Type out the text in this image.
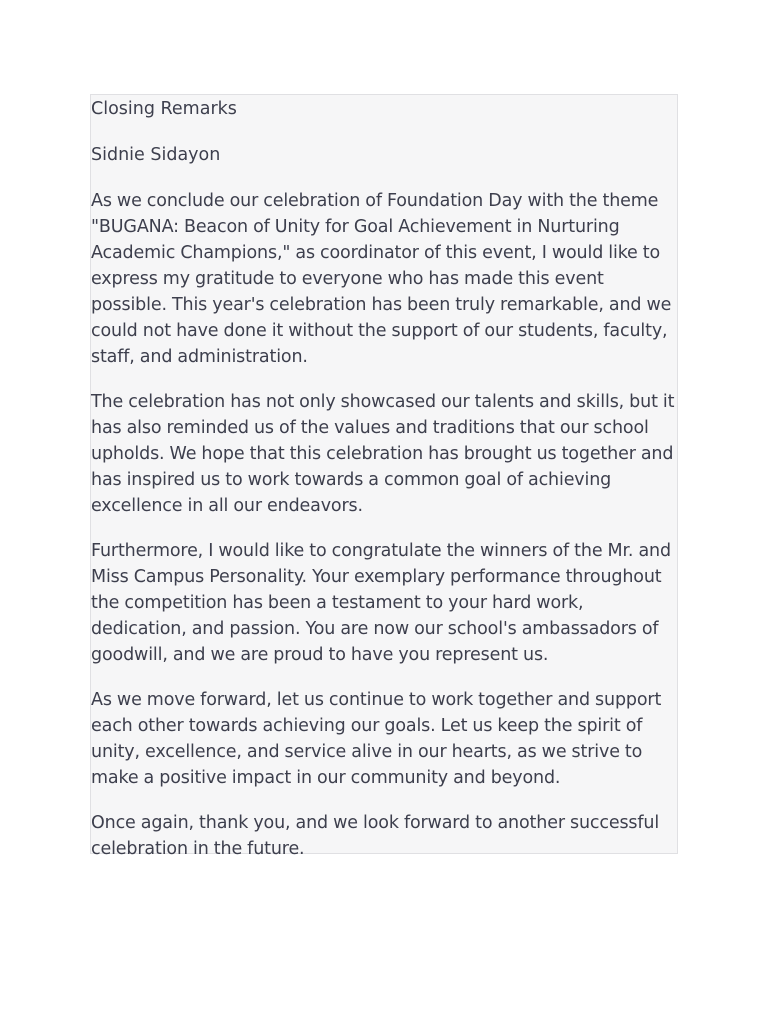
Closing Remarks

Sidnie Sidayon

As we conclude our celebration of Foundation Day with the theme "BUGANA: Beacon of Unity for Goal Achievement in Nurturing Academic Champions," as coordinator of this event, I would like to express my gratitude to everyone who has made this event possible. This year's celebration has been truly remarkable, and we could not have done it without the support of our students, faculty, staff, and administration.

The celebration has not only showcased our talents and skills, but it has also reminded us of the values and traditions that our school upholds. We hope that this celebration has brought us together and has inspired us to work towards a common goal of achieving excellence in all our endeavors.

Furthermore, I would like to congratulate the winners of the Mr. and Miss Campus Personality. Your exemplary performance throughout the competition has been a testament to your hard work, dedication, and passion. You are now our school's ambassadors of goodwill, and we are proud to have you represent us.

As we move forward, let us continue to work together and support each other towards achieving our goals. Let us keep the spirit of unity, excellence, and service alive in our hearts, as we strive to make a positive impact in our community and beyond.

Once again, thank you, and we look forward to another successful celebration in the future.
